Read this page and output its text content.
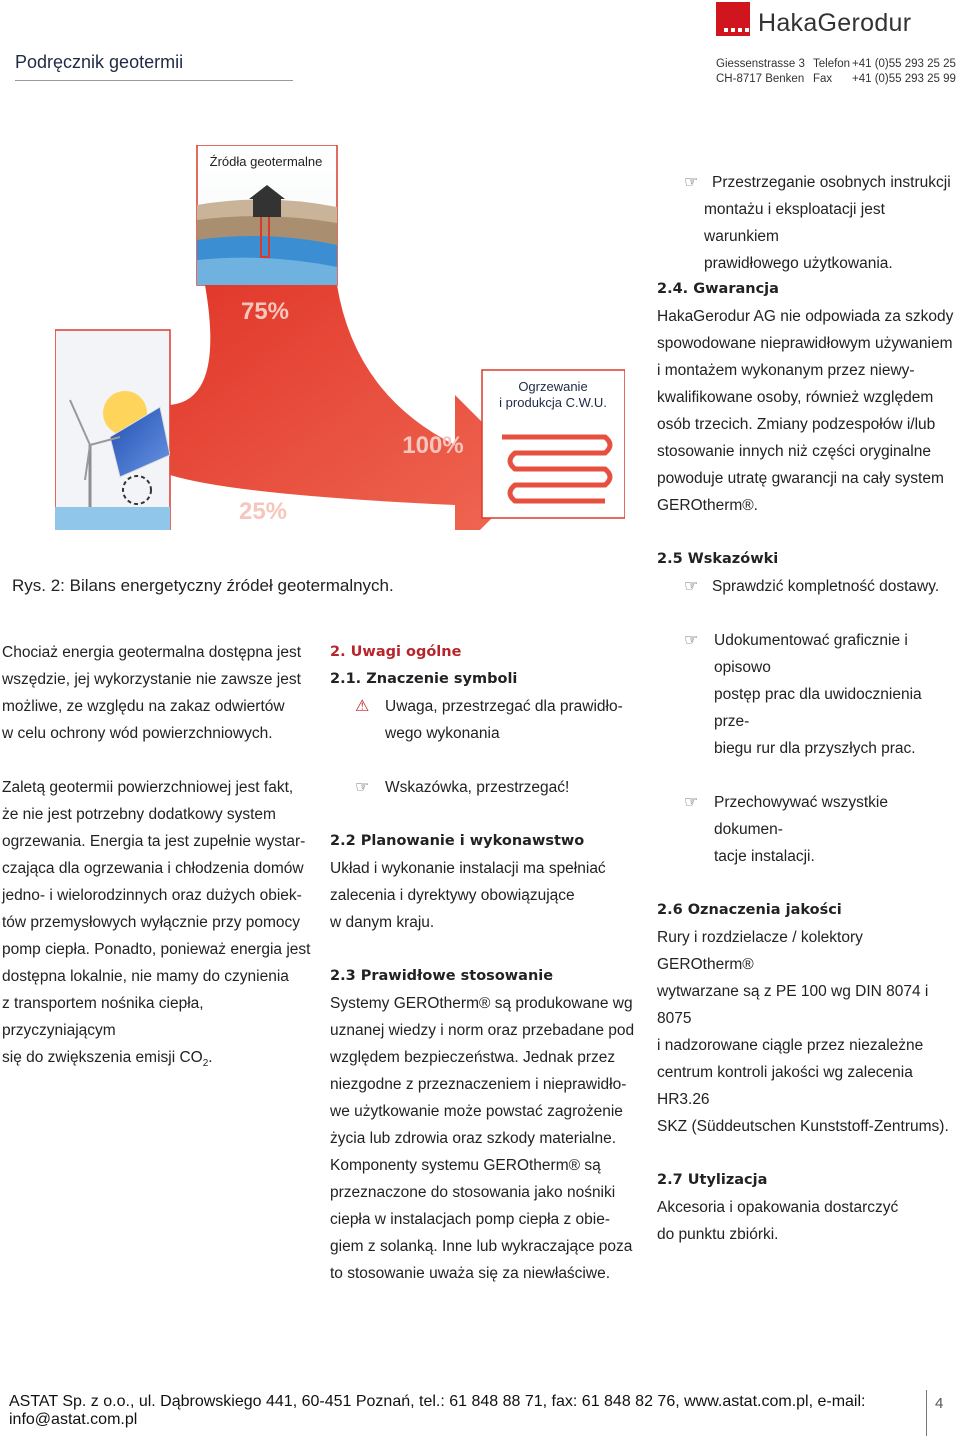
Podręcznik geotermii
HakaGerodur
Giessenstrasse 3
CH-8717 Benken
Telefon
Fax
+41 (0)55 293 25 25
+41 (0)55 293 25 99
Źródła geotermalne
75%
100%
25%
Ogrzewanie
i produkcja C.W.U.
Rys. 2: Bilans energetyczny źródeł geotermalnych.
☞ Przestrzeganie osobnych instrukcji

montażu i eksploatacji jest warunkiem

prawidłowego użytkowania.

2.4. Gwarancja

HakaGerodur AG nie odpowiada za szkody

spowodowane nieprawidłowym używaniem

i montażem wykonanym przez niewy-

kwalifikowane osoby, również względem

osób trzecich. Zmiany podzespołów i/lub

stosowanie innych niż części oryginalne

powoduje utratę gwarancji na cały system

GEROtherm®.

2.5 Wskazówki

☞ Sprawdzić kompletność dostawy.

Chociaż energia geotermalna dostępna jest

wszędzie, jej wykorzystanie nie zawsze jest

możliwe, ze względu na zakaz odwiertów

w celu ochrony wód powierzchniowych.

Zaletą geotermii powierzchniowej jest fakt,

że nie jest potrzebny dodatkowy system

ogrzewania. Energia ta jest zupełnie wystar-

czająca dla ogrzewania i chłodzenia domów

jedno- i wielorodzinnych oraz dużych obiek-

tów przemysłowych wyłącznie przy pomocy

pomp ciepła. Ponadto, ponieważ energia jest

dostępna lokalnie, nie mamy do czynienia

z transportem nośnika ciepła, przyczyniającym

się do zwiększenia emisji $CO_2$.

2. Uwagi ogólne

2.1. Znaczenie symboli

⚠ Uwaga, przestrzegać dla prawidło-

wego wykonania

☞ Wskazówka, przestrzegać!

2.2 Planowanie i wykonawstwo

Układ i wykonanie instalacji ma spełniać

zalecenia i dyrektywy obowiązujące

w danym kraju.

2.3 Prawidłowe stosowanie

Systemy GEROtherm® są produkowane wg

uznanej wiedzy i norm oraz przebadane pod

względem bezpieczeństwa. Jednak przez

niezgodne z przeznaczeniem i nieprawidło-

we użytkowanie może powstać zagrożenie

życia lub zdrowia oraz szkody materialne.

Komponenty systemu GEROtherm® są

przeznaczone do stosowania jako nośniki

ciepła w instalacjach pomp ciepła z obie-

giem z solanką. Inne lub wykraczające poza

to stosowanie uważa się za niewłaściwe.

☞ Udokumentować graficznie i opisowo

postęp prac dla uwidocznienia prze-

biegu rur dla przyszłych prac.

☞ Przechowywać wszystkie dokumen-

tacje instalacji.

2.6 Oznaczenia jakości

Rury i rozdzielacze / kolektory GEROtherm®

wytwarzane są z PE 100 wg DIN 8074 i 8075

i nadzorowane ciągle przez niezależne

centrum kontroli jakości wg zalecenia HR3.26

SKZ (Süddeutschen Kunststoff-Zentrums).

2.7 Utylizacja

Akcesoria i opakowania dostarczyć

do punktu zbiórki.

ASTAT Sp. z o.o., ul. Dąbrowskiego 441, 60-451 Poznań, tel.: 61 848 88 71, fax: 61 848 82 76, www.astat.com.pl, e-mail: info@astat.com.pl
4
